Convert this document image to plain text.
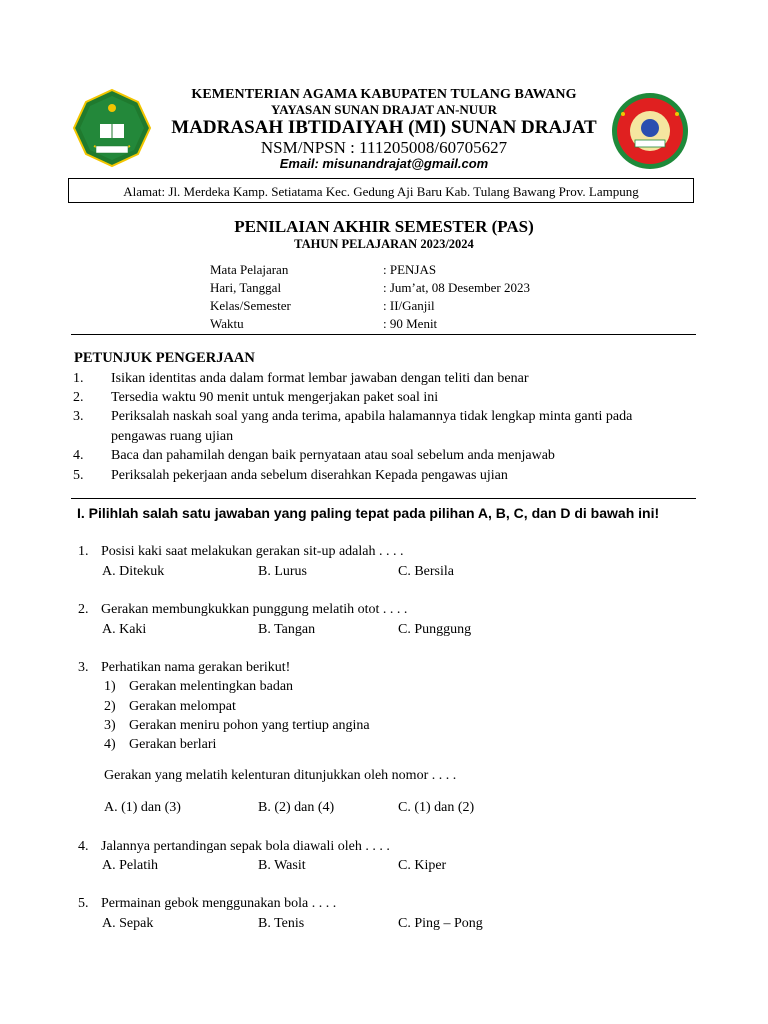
KEMENTERIAN AGAMA KABUPATEN TULANG BAWANG
YAYASAN SUNAN DRAJAT AN-NUUR
MADRASAH IBTIDAIYAH (MI) SUNAN DRAJAT
NSM/NPSN : 111205008/60705627
Email: misunandrajat@gmail.com
Alamat: Jl. Merdeka Kamp. Setiatama Kec. Gedung Aji Baru Kab. Tulang Bawang Prov. Lampung
PENILAIAN AKHIR SEMESTER (PAS)
TAHUN PELAJARAN 2023/2024
Mata Pelajaran	: PENJAS
Hari, Tanggal	: Jum’at, 08 Desember 2023
Kelas/Semester	: II/Ganjil
Waktu	: 90 Menit
PETUNJUK PENGERJAAN
1. Isikan identitas anda dalam format lembar jawaban dengan teliti dan benar
2. Tersedia waktu 90 menit untuk mengerjakan paket soal ini
3. Periksalah naskah soal yang anda terima, apabila halamannya tidak lengkap minta ganti pada
pengawas ruang ujian
4. Baca dan pahamilah dengan baik pernyataan atau soal sebelum anda menjawab
5. Periksalah pekerjaan anda sebelum diserahkan Kepada pengawas ujian
I. Pilihlah salah satu jawaban yang paling tepat pada pilihan A, B, C, dan D di bawah ini!
1. Posisi kaki saat melakukan gerakan sit-up adalah . . . .
A. Ditekuk	B. Lurus	C. Bersila
2. Gerakan membungkukkan punggung melatih otot . . . .
A. Kaki	B. Tangan	C. Punggung
3. Perhatikan nama gerakan berikut!
1) Gerakan melentingkan badan
2) Gerakan melompat
3) Gerakan meniru pohon yang tertiup angina
4) Gerakan berlari
Gerakan yang melatih kelenturan ditunjukkan oleh nomor . . . .
A. (1) dan (3)	B. (2) dan (4)	C. (1) dan (2)
4. Jalannya pertandingan sepak bola diawali oleh . . . .
A. Pelatih	B. Wasit	C. Kiper
5. Permainan gebok menggunakan bola . . . .
A. Sepak	B. Tenis	C. Ping – Pong
